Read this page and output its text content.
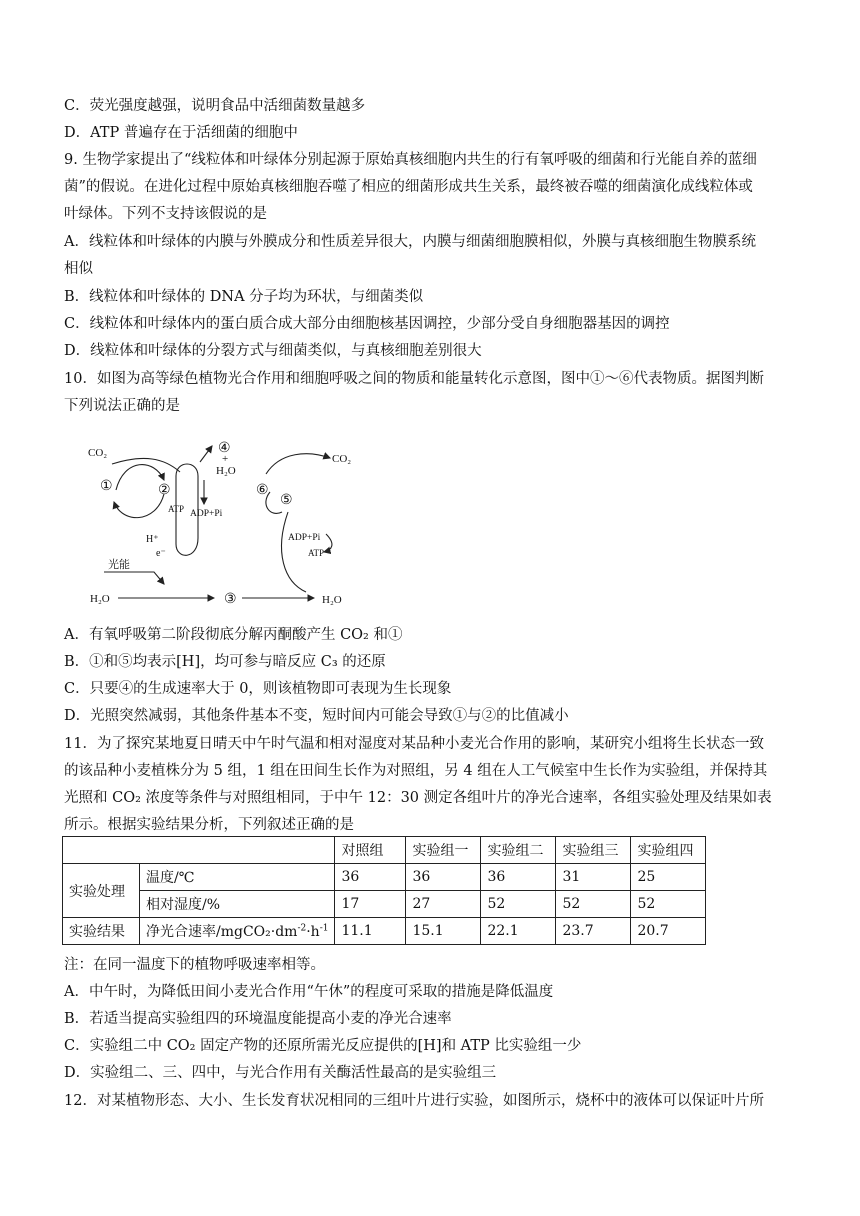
C．荧光强度越强，说明食品中活细菌数量越多
D．ATP 普遍存在于活细菌的细胞中
9. 生物学家提出了“线粒体和叶绿体分别起源于原始真核细胞内共生的行有氧呼吸的细菌和行光能自养的蓝细
菌”的假说。在进化过程中原始真核细胞吞噬了相应的细菌形成共生关系，最终被吞噬的细菌演化成线粒体或
叶绿体。下列不支持该假说的是
A．线粒体和叶绿体的内膜与外膜成分和性质差异很大，内膜与细菌细胞膜相似，外膜与真核细胞生物膜系统
相似
B．线粒体和叶绿体的 DNA 分子均为环状，与细菌类似
C．线粒体和叶绿体内的蛋白质合成大部分由细胞核基因调控，少部分受自身细胞器基因的调控
D．线粒体和叶绿体的分裂方式与细菌类似，与真核细胞差别很大
10．如图为高等绿色植物光合作用和细胞呼吸之间的物质和能量转化示意图，图中①～⑥代表物质。据图判断
下列说法正确的是
CO₂
①	②
ATP ADP+Pi
H⁺
e⁻
④
+
H₂O
光能
H₂O	③	H₂O
CO₂
⑥
⑤
ADP+Pi
ATP
A．有氧呼吸第二阶段彻底分解丙酮酸产生 CO₂ 和①
B．①和⑤均表示[H]，均可参与暗反应 C₃ 的还原
C．只要④的生成速率大于 0，则该植物即可表现为生长现象
D．光照突然减弱，其他条件基本不变，短时间内可能会导致①与②的比值减小
11．为了探究某地夏日晴天中午时气温和相对湿度对某品种小麦光合作用的影响，某研究小组将生长状态一致
的该品种小麦植株分为 5 组，1 组在田间生长作为对照组，另 4 组在人工气候室中生长作为实验组，并保持其
光照和 CO₂ 浓度等条件与对照组相同，于中午 12：30 测定各组叶片的净光合速率，各组实验处理及结果如表
所示。根据实验结果分析，下列叙述正确的是
		对照组	实验组一	实验组二	实验组三	实验组四
实验处理	温度/℃	36	36	36	31	25
	相对湿度/%	17	27	52	52	52
实验结果	净光合速率$/mgCO_2\cdot dm^{-2}\cdot h^{-1}$	11.1	15.1	22.1	23.7	20.7
注：在同一温度下的植物呼吸速率相等。
A．中午时，为降低田间小麦光合作用“午休”的程度可采取的措施是降低温度
B．若适当提高实验组四的环境温度能提高小麦的净光合速率
C．实验组二中 CO₂ 固定产物的还原所需光反应提供的[H]和 ATP 比实验组一少
D．实验组二、三、四中，与光合作用有关酶活性最高的是实验组三
12．对某植物形态、大小、生长发育状况相同的三组叶片进行实验，如图所示，烧杯中的液体可以保证叶片所
